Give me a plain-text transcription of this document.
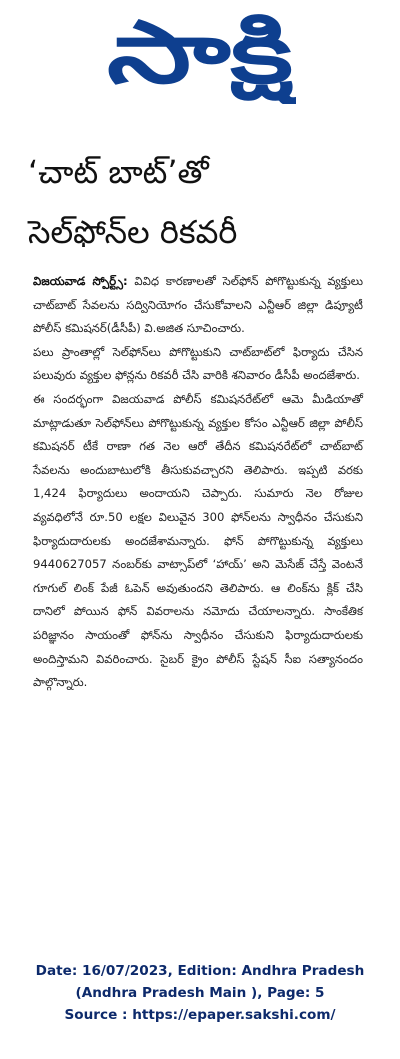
సాక్షి
‘చాట్ బాట్’తో
సెల్‌ఫోన్‌ల రికవరీ

విజయవాడ స్పోర్ట్స్: వివిధ కారణాలతో సెల్‌ఫోన్ పోగొట్టుకున్న వ్యక్తులు చాట్‌బాట్ సేవలను సద్వినియోగం చేసుకోవాలని ఎన్టీఆర్ జిల్లా డిప్యూటీ పోలీస్ కమిషనర్(డీసీపీ) వి.అజిత సూచించారు.

పలు ప్రాంతాల్లో సెల్‌ఫోన్‌లు పోగొట్టుకుని చాట్‌బాట్‌లో ఫిర్యాదు చేసిన పలువురు వ్యక్తుల ఫోన్లను రికవరీ చేసి వారికి శనివారం డీసీపీ అందజేశారు.

ఈ సందర్భంగా విజయవాడ పోలీస్ కమిషనరేట్‌లో ఆమె మీడియాతో మాట్లాడుతూ సెల్‌ఫోన్‌లు పోగొట్టుకున్న వ్యక్తుల కోసం ఎన్టీఆర్ జిల్లా పోలీస్ కమిషనర్ టీకే రాణా గత నెల ఆరో తేదీన కమిషనరేట్‌లో చాట్‌బాట్ సేవలను అందుబాటులోకి తీసుకువచ్చారని తెలిపారు. ఇప్పటి వరకు 1,424 ఫిర్యాదులు అందాయని చెప్పారు. సుమారు నెల రోజుల వ్యవధిలోనే రూ.50 లక్షల విలువైన 300 ఫోన్‌లను స్వాధీనం చేసుకుని ఫిర్యాదుదారులకు అందజేశామన్నారు. ఫోన్ పోగొట్టుకున్న వ్యక్తులు 9440627057 నంబర్‌కు వాట్సాప్‌లో ‘హాయ్’ అని మెసేజ్ చేస్తే వెంటనే గూగుల్ లింక్ పేజీ ఓపెన్ అవుతుందని తెలిపారు. ఆ లింక్‌ను క్లిక్ చేసి దానిలో పోయిన ఫోన్ వివరాలను నమోదు చేయాలన్నారు. సాంకేతిక పరిజ్ఞానం సాయంతో ఫోన్‌ను స్వాధీనం చేసుకుని ఫిర్యాదుదారులకు అందిస్తామని వివరించారు. సైబర్ క్రైం పోలీస్ స్టేషన్ సీఐ సత్యానందం పాల్గొన్నారు.

Date: 16/07/2023, Edition: Andhra Pradesh
(Andhra Pradesh Main ), Page: 5
Source : https://epaper.sakshi.com/
